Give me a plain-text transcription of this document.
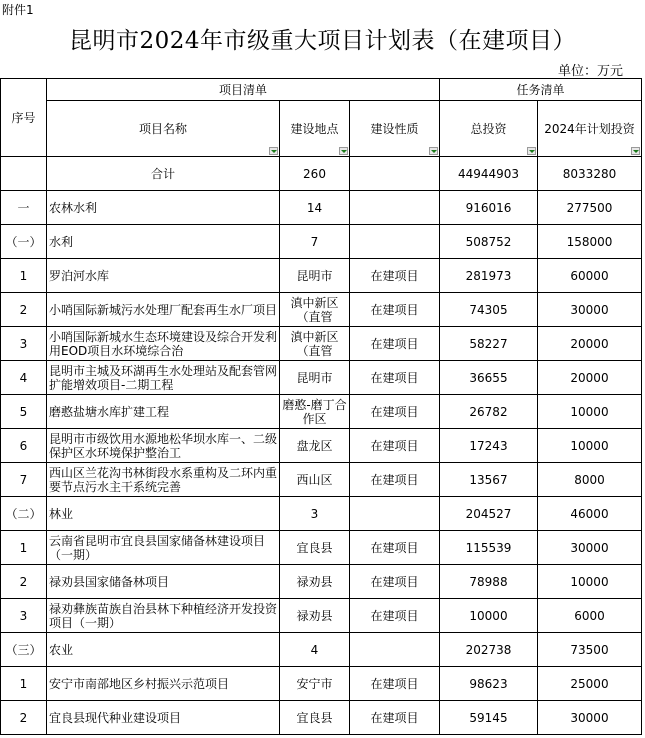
附件1
昆明市2024年市级重大项目计划表（在建项目）
单位：万元
序号	项目清单			任务清单	
	项目名称	建设地点	建设性质	总投资	2024年计划投资

	合计	260		44944903	8033280
一	农林水利	14		916016	277500
（一）	水利	7		508752	158000
1	罗泊河水库	昆明市	在建项目	281973	60000
2	小哨国际新城污水处理厂配套再生水厂项目	滇中新区（直管	在建项目	74305	30000
3	小哨国际新城水生态环境建设及综合开发利用EOD项目水环境综合治	滇中新区（直管	在建项目	58227	20000
4	昆明市主城及环湖再生水处理站及配套管网扩能增效项目-二期工程	昆明市	在建项目	36655	20000
5	磨憨盐塘水库扩建工程	磨憨-磨丁合作区	在建项目	26782	10000
6	昆明市市级饮用水源地松华坝水库一、二级保护区水环境保护整治工	盘龙区	在建项目	17243	10000
7	西山区兰花沟书林街段水系重构及二环内重要节点污水主干系统完善	西山区	在建项目	13567	8000
（二）	林业	3		204527	46000
1	云南省昆明市宜良县国家储备林建设项目（一期）	宜良县	在建项目	115539	30000
2	禄劝县国家储备林项目	禄劝县	在建项目	78988	10000
3	禄劝彝族苗族自治县林下种植经济开发投资项目（一期）	禄劝县	在建项目	10000	6000
（三）	农业	4		202738	73500
1	安宁市南部地区乡村振兴示范项目	安宁市	在建项目	98623	25000
2	宜良县现代种业建设项目	宜良县	在建项目	59145	30000
